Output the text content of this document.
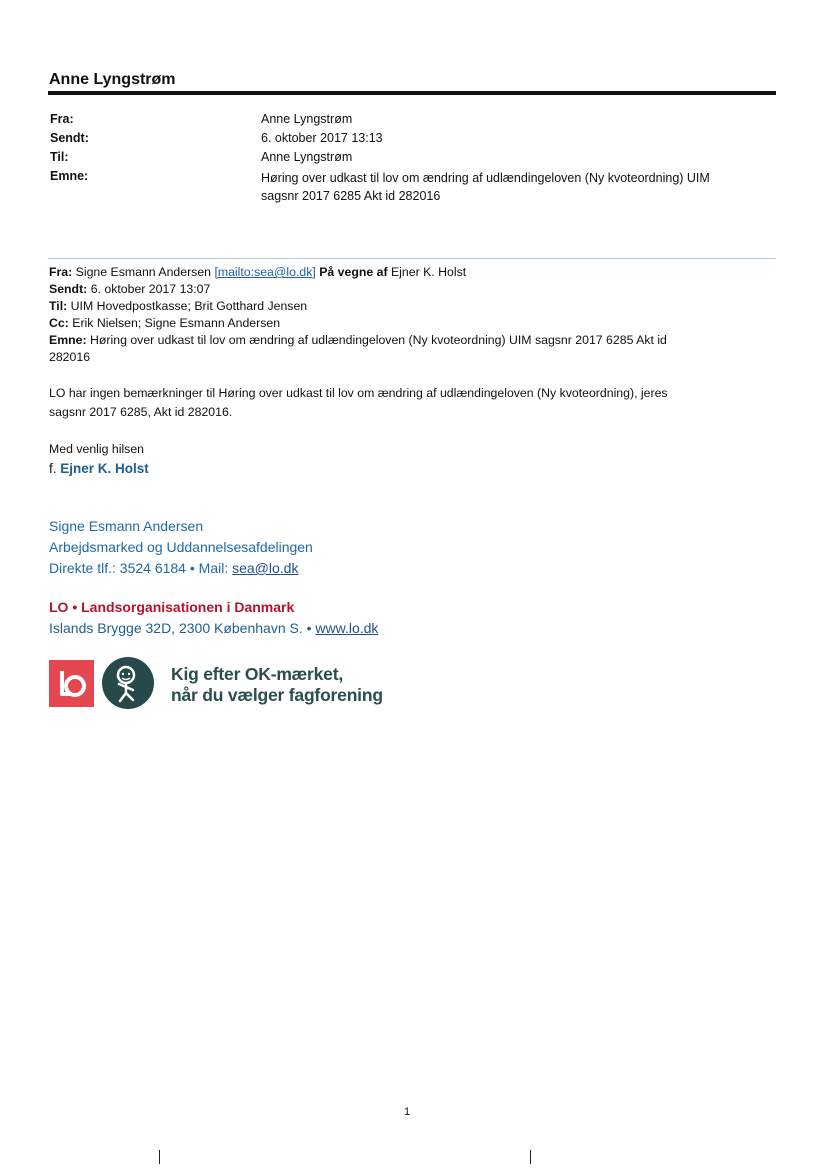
Anne Lyngstrøm
Fra:	Anne Lyngstrøm
Sendt:	6. oktober 2017 13:13
Til:	Anne Lyngstrøm
Emne:	Høring over udkast til lov om ændring af udlændingeloven (Ny kvoteordning) UIM
sagsnr 2017 6285 Akt id 282016
Fra: Signe Esmann Andersen [mailto:sea@lo.dk] På vegne af Ejner K. Holst
Sendt: 6. oktober 2017 13:07
Til: UIM Hovedpostkasse; Brit Gotthard Jensen
Cc: Erik Nielsen; Signe Esmann Andersen
Emne: Høring over udkast til lov om ændring af udlændingeloven (Ny kvoteordning) UIM sagsnr 2017 6285 Akt id
282016
LO har ingen bemærkninger til Høring over udkast til lov om ændring af udlændingeloven (Ny kvoteordning), jeres
sagsnr 2017 6285, Akt id 282016.
Med venlig hilsen
f. Ejner K. Holst
Signe Esmann Andersen
Arbejdsmarked og Uddannelsesafdelingen
Direkte tlf.: 3524 6184 • Mail: sea@lo.dk
LO • Landsorganisationen i Danmark
Islands Brygge 32D, 2300 København S. • www.lo.dk
Kig efter OK-mærket,
når du vælger fagforening
1
